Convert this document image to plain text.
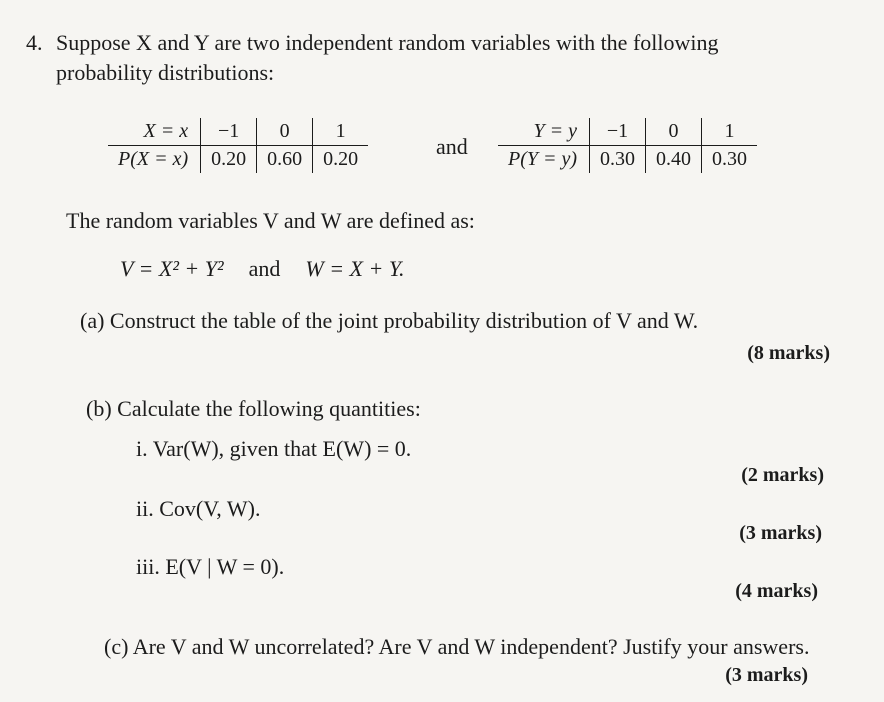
4. Suppose X and Y are two independent random variables with the following
probability distributions:
X = x	−1	0	1
P(X = x)	0.20	0.60	0.20	and
Y = y	−1	0	1
P(Y = y)	0.30	0.40	0.30
The random variables V and W are defined as:
V = X² + Y² and W = X + Y.
(a) Construct the table of the joint probability distribution of V and W.
(8 marks)
(b) Calculate the following quantities:
i. Var(W), given that E(W) = 0.
(2 marks)
ii. Cov(V, W).
(3 marks)
iii. E(V | W = 0).
(4 marks)
(c) Are V and W uncorrelated? Are V and W independent? Justify your answers.
(3 marks)
